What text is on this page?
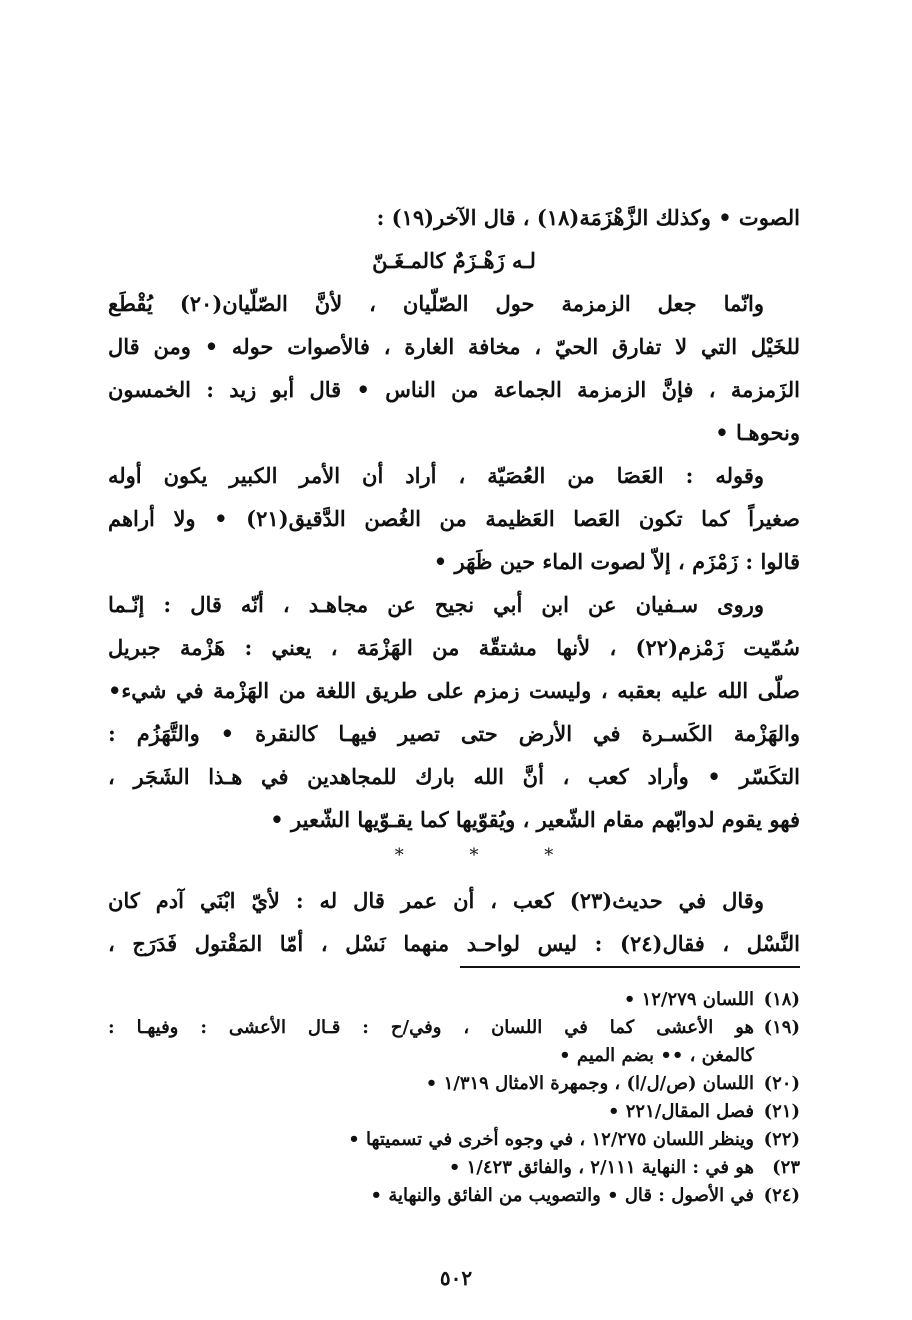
الصوت • وكذلك الزَّهْزَمَة(١٨) ، قال الآخر(١٩) :
لـه زَهْـزَمٌ كالمـغَـنّ
وانّما جعل الزمزمة حول الصّلّيان ، لأنَّ الصّلّيان(٢٠) يُقْطَع
للخَيْل التي لا تفارق الحيّ ، مخافة الغارة ، فالأصوات حوله • ومن قال
الزَمزمة ، فإنَّ الزمزمة الجماعة من الناس • قال أبو زيد : الخمسون
ونحوهـا •
وقوله : العَصَا من العُصَيّة ، أراد أن الأمر الكبير يكون أوله
صغيراً كما تكون العَصا العَظيمة من الغُصن الدَّقيق(٢١) • ولا أراهم
قالوا : زَمْزَم ، إلاّ لصوت الماء حين ظَهَر •
وروى سـفيان عن ابن أبي نجيح عن مجاهـد ، أنّه قال : إنّـما
سُمّيت زَمْزم(٢٢) ، لأنها مشتقّة من الهَزْمَة ، يعني : هَزْمة جبريل
صلّى الله عليه بعقبه ، وليست زمزم على طريق اللغة من الهَزْمة في شيء•
والهَزْمة الكَسـرة في الأرض حتى تصير فيهـا كالنقرة • والتَّهَزُم :
التكَسّر • وأراد كعب ، أنَّ الله بارك للمجاهدين في هـذا الشَجَر ،
فهو يقوم لدوابّهم مقام الشّعير ، ويُقوّيها كما يقـوّيها الشّعير •
* * *
وقال في حديث(٢٣) كعب ، أن عمر قال له : لأيّ ابْنَي آدم كان
النَّسْل ، فقال(٢٤) : ليس لواحـد منهما نَسْل ، أمّا المَقْتول فَدَرَج ،
(١٨)
اللسان ١٢/٢٧٩ •
(١٩)
هو الأعشى كما في اللسان ، وفي/ح : قـال الأعشى : وفيهـا :
كالمغن ، •• بضم الميم •
(٢٠)
اللسان (ص/ل/ا) ، وجمهرة الامثال ١/٣١٩ •
(٢١)
فصل المقال/٢٢١ •
(٢٢)
وينظر اللسان ١٢/٢٧٥ ، في وجوه أخرى في تسميتها •
٢٣)
هو في : النهاية ٢/١١١ ، والفائق ١/٤٢٣ •
(٢٤)
في الأصول : قال • والتصويب من الفائق والنهاية •
٥٠٢
